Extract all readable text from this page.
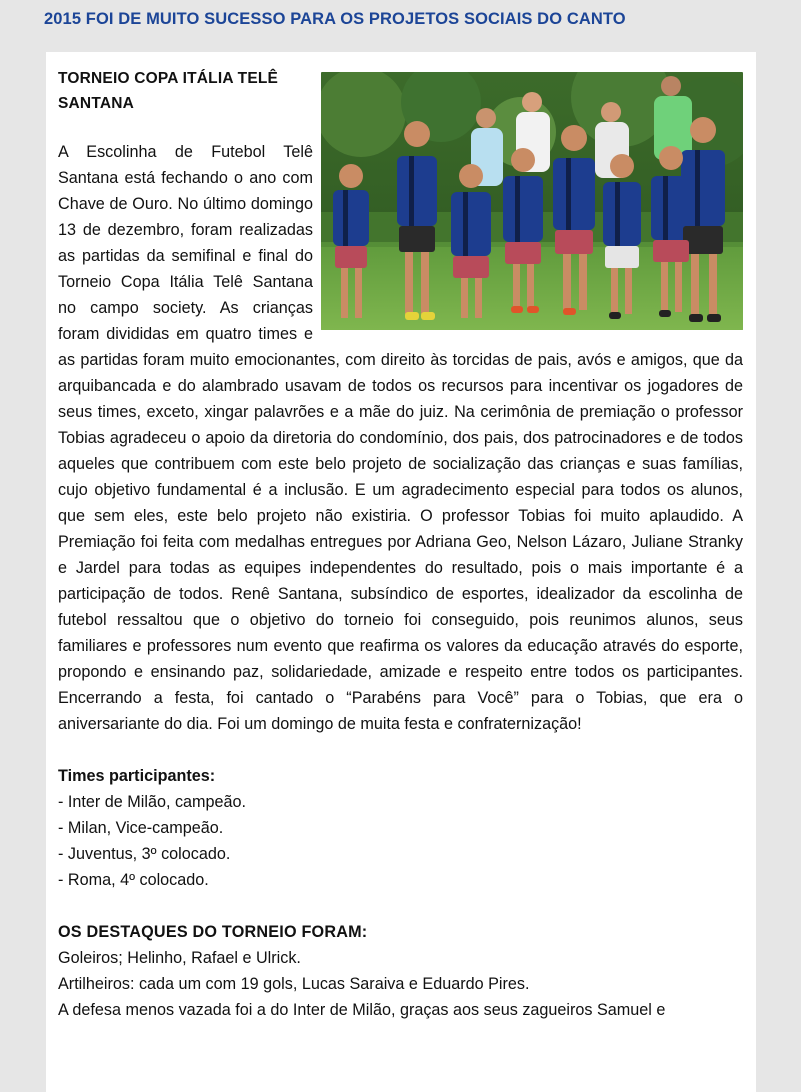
2015 FOI DE MUITO SUCESSO PARA OS PROJETOS SOCIAIS DO CANTO
TORNEIO COPA ITÁLIA TELÊ SANTANA

A Escolinha de Futebol Telê Santana está fechando o ano com Chave de Ouro. No último domingo 13 de dezembro, foram realizadas as partidas da semifinal e final do Torneio Copa Itália Telê Santana no campo society. As crianças foram divididas em quatro times e as partidas foram muito emocionantes, com direito às torcidas de pais, avós e amigos, que da arquibancada e do alambrado usavam de todos os recursos para incentivar os jogadores de seus times, exceto, xingar palavrões e a mãe do juiz. Na cerimônia de premiação o professor Tobias agradeceu o apoio da diretoria do condomínio, dos pais, dos patrocinadores e de todos aqueles que contribuem com este belo projeto de socialização das crianças e suas famílias, cujo objetivo fundamental é a inclusão. E um agradecimento especial para todos os alunos, que sem eles, este belo projeto não existiria. O professor Tobias foi muito aplaudido. A Premiação foi feita com medalhas entregues por Adriana Geo, Nelson Lázaro, Juliane Stranky e Jardel para todas as equipes independentes do resultado, pois o mais importante é a participação de todos. Renê Santana, subsíndico de esportes, idealizador da escolinha de futebol ressaltou que o objetivo do torneio foi conseguido, pois reunimos alunos, seus familiares e professores num evento que reafirma os valores da educação através do esporte, propondo e ensinando paz, solidariedade, amizade e respeito entre todos os participantes. Encerrando a festa, foi cantado o “Parabéns para Você” para o Tobias, que era o aniversariante do dia. Foi um domingo de muita festa e confraternização!

Times participantes:
- Inter de Milão, campeão.
- Milan, Vice-campeão.
- Juventus, 3º colocado.
- Roma, 4º colocado.
OS DESTAQUES DO TORNEIO FORAM:
Goleiros; Helinho, Rafael e Ulrick.
Artilheiros: cada um com 19 gols, Lucas Saraiva e Eduardo Pires.
A defesa menos vazada foi a do Inter de Milão, graças aos seus zagueiros Samuel e
